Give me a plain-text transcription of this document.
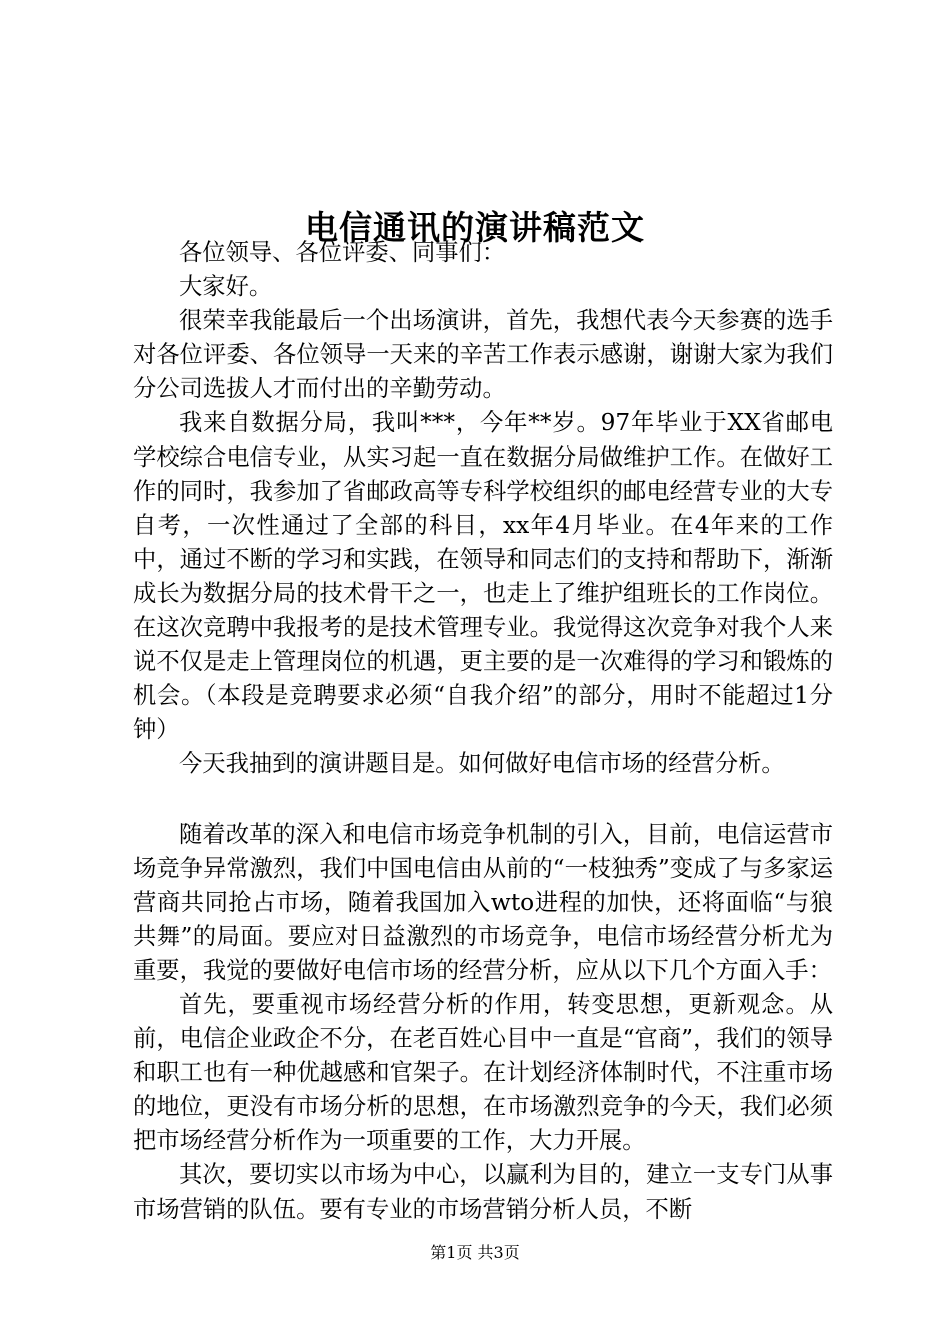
电信通讯的演讲稿范文

各位领导、各位评委、同事们：

大家好。

很荣幸我能最后一个出场演讲，首先，我想代表今天参赛的选手对各位评委、各位领导一天来的辛苦工作表示感谢，谢谢大家为我们分公司选拔人才而付出的辛勤劳动。

我来自数据分局，我叫***，今年**岁。97年毕业于XX省邮电学校综合电信专业，从实习起一直在数据分局做维护工作。在做好工作的同时，我参加了省邮政高等专科学校组织的邮电经营专业的大专自考，一次性通过了全部的科目，xx年4月毕业。在4年来的工作中，通过不断的学习和实践，在领导和同志们的支持和帮助下，渐渐成长为数据分局的技术骨干之一，也走上了维护组班长的工作岗位。在这次竞聘中我报考的是技术管理专业。我觉得这次竞争对我个人来说不仅是走上管理岗位的机遇，更主要的是一次难得的学习和锻炼的机会。（本段是竞聘要求必须“自我介绍”的部分，用时不能超过1分钟）

今天我抽到的演讲题目是。如何做好电信市场的经营分析。

随着改革的深入和电信市场竞争机制的引入，目前，电信运营市场竞争异常激烈，我们中国电信由从前的“一枝独秀”变成了与多家运营商共同抢占市场，随着我国加入wto进程的加快，还将面临“与狼共舞”的局面。要应对日益激烈的市场竞争，电信市场经营分析尤为重要，我觉的要做好电信市场的经营分析，应从以下几个方面入手：

首先，要重视市场经营分析的作用，转变思想，更新观念。从前，电信企业政企不分，在老百姓心目中一直是“官商”，我们的领导和职工也有一种优越感和官架子。在计划经济体制时代，不注重市场的地位，更没有市场分析的思想，在市场激烈竞争的今天，我们必须把市场经营分析作为一项重要的工作，大力开展。

其次，要切实以市场为中心，以赢利为目的，建立一支专门从事市场营销的队伍。要有专业的市场营销分析人员，不断

第1页 共3页
